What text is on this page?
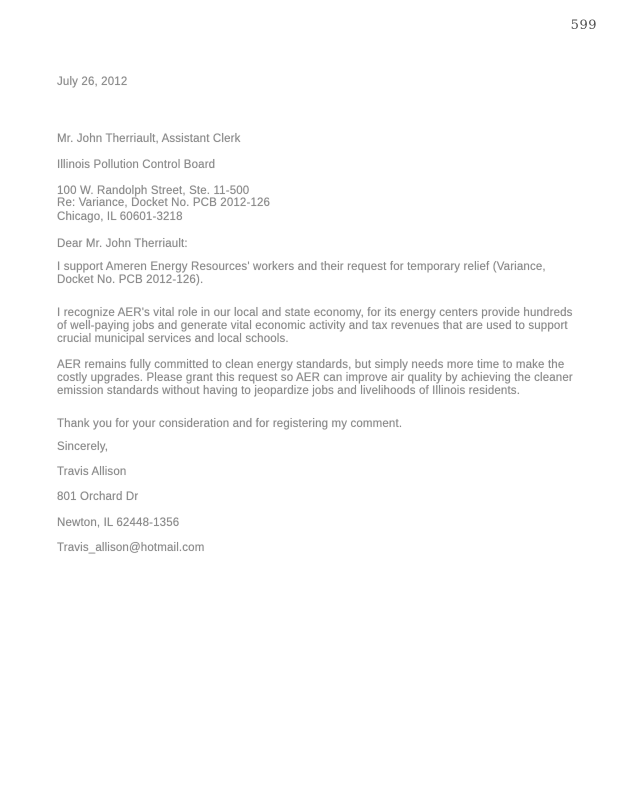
599
July 26, 2012

Mr. John Therriault, Assistant Clerk

Illinois Pollution Control Board

100 W. Randolph Street, Ste. 11-500

Chicago, IL 60601-3218

Re: Variance, Docket No. PCB 2012-126
Dear Mr. John Therriault:
I support Ameren Energy Resources' workers and their request for temporary relief (Variance, Docket No. PCB 2012-126).
I recognize AER's vital role in our local and state economy, for its energy centers provide hundreds of well-paying jobs and generate vital economic activity and tax revenues that are used to support crucial municipal services and local schools.
AER remains fully committed to clean energy standards, but simply needs more time to make the costly upgrades. Please grant this request so AER can improve air quality by achieving the cleaner emission standards without having to jeopardize jobs and livelihoods of Illinois residents.
Thank you for your consideration and for registering my comment.
Sincerely,

Travis Allison

801 Orchard Dr

Newton, IL 62448-1356

Travis_allison@hotmail.com
